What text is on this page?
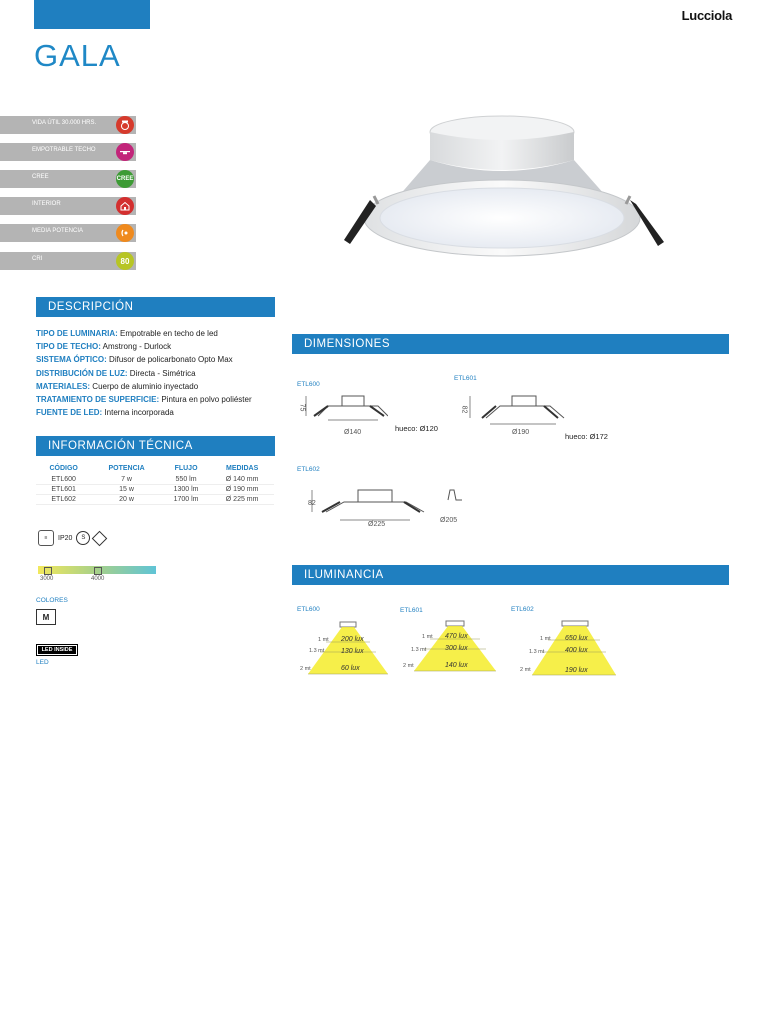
Lucciola
GALA
VIDA ÚTIL 30.000 HRS.
EMPOTRABLE TECHO
CREE	CREE
INTERIOR
MEDIA POTENCIA
CRI	80
DESCRIPCIÓN
TIPO DE LUMINARIA: Empotrable en techo de led
TIPO DE TECHO: Amstrong - Durlock
SISTEMA ÓPTICO: Difusor de policarbonato Opto Max
DISTRIBUCIÓN DE LUZ: Directa - Simétrica
MATERIALES: Cuerpo de aluminio inyectado
TRATAMIENTO DE SUPERFICIE: Pintura en polvo poliéster
FUENTE DE LED: Interna incorporada
INFORMACIÓN TÉCNICA
CÓDIGO	POTENCIA	FLUJO	MEDIDAS
ETL600	7 w	550 lm	Ø 140 mm
ETL601	15 w	1300 lm	Ø 190 mm
ETL602	20 w	1700 lm	Ø 225 mm
≡	IP20	S
3000	4000
COLORES
M
LED INSIDE
LED
DIMENSIONES
ETL600
ETL601
ETL602
75
Ø140	hueco: Ø120
82
Ø190	hueco: Ø172
82
Ø225
Ø205
ILUMINANCIA
ETL600
1 mt
1.3 mt
2 mt
200 lux
130 lux
60 lux
ETL601
1 mt
1.3 mt
2 mt
470 lux
300 lux
140 lux
ETL602
1 mt
1.3 mt
2 mt
650 lux
400 lux
190 lux
